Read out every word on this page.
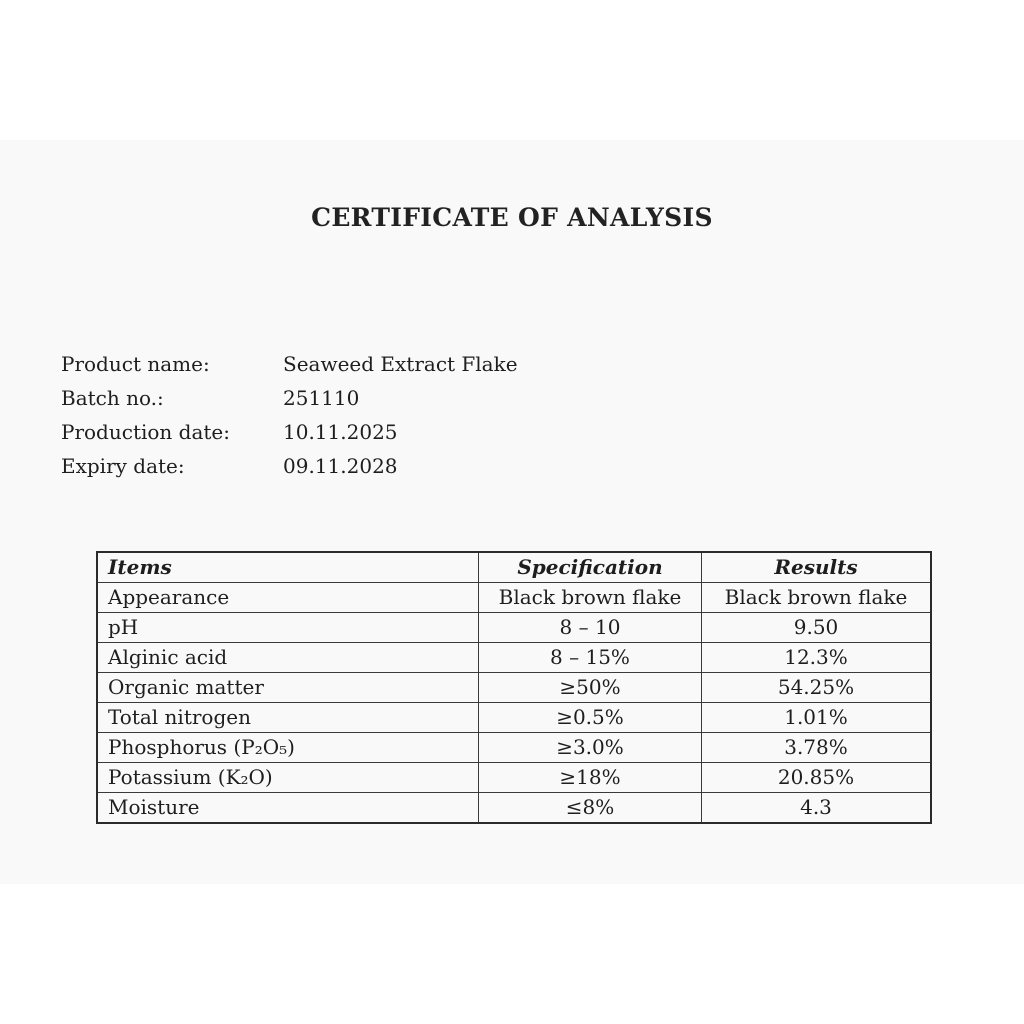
CERTIFICATE OF ANALYSIS
Product name:	Seaweed Extract Flake
Batch no.:	251110
Production date:	10.11.2025
Expiry date:	09.11.2028
Items	Specification	Results
Appearance	Black brown flake	Black brown flake
pH	8 – 10	9.50
Alginic acid	8 – 15%	12.3%
Organic matter	≥50%	54.25%
Total nitrogen	≥0.5%	1.01%
Phosphorus (P₂O₅)	≥3.0%	3.78%
Potassium (K₂O)	≥18%	20.85%
Moisture	≤8%	4.3
